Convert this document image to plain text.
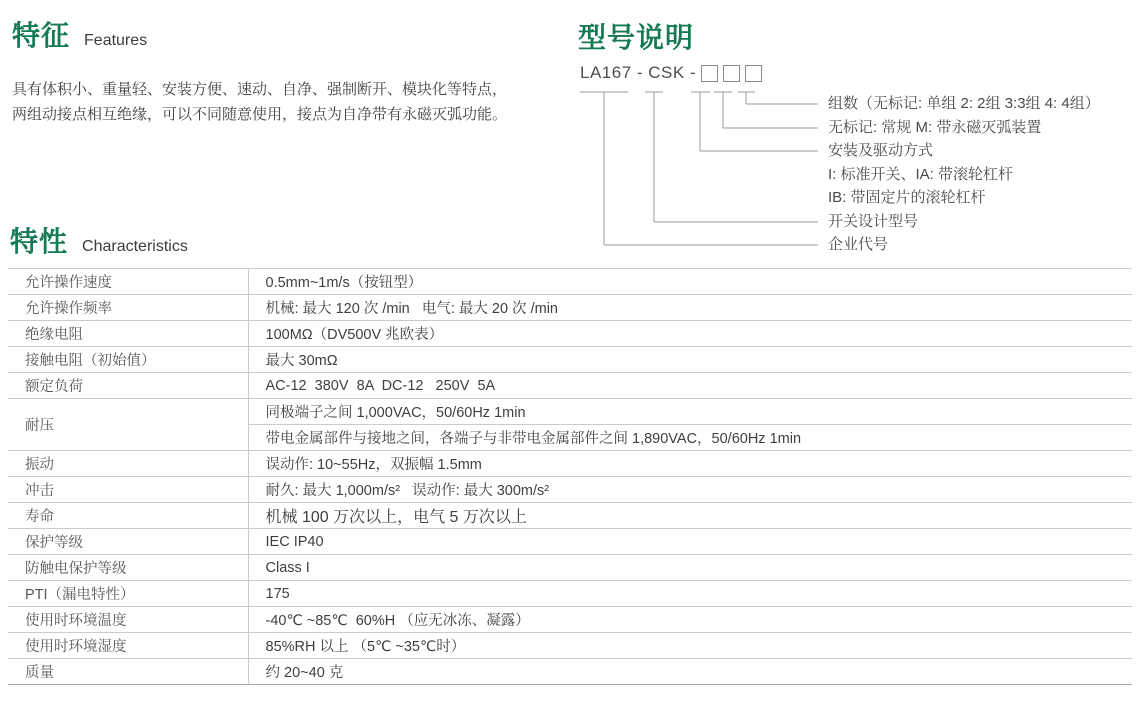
特征 Features
具有体积小、重量轻、安装方便、速动、自净、强制断开、模块化等特点，
两组动接点相互绝缘，可以不同随意使用，接点为自净带有永磁灭弧功能。
型号说明
LA167 - CSK -
组数（无标记: 单组 2: 2组 3:3组 4: 4组）
无标记: 常规 M: 带永磁灭弧装置
安装及驱动方式
I: 标准开关、IA: 带滚轮杠杆
IB: 带固定片的滚轮杠杆
开关设计型号
企业代号
特性 Characteristics
允许操作速度	0.5mm~1m/s（按钮型）
允许操作频率	机械: 最大 120 次 /min   电气: 最大 20 次 /min
绝缘电阻	100MΩ（DV500V 兆欧表）
接触电阻（初始值）	最大 30mΩ
额定负荷	AC-12  380V  8A  DC-12   250V  5A
耐压	同极端子之间 1,000VAC，50/60Hz 1min
	带电金属部件与接地之间，各端子与非带电金属部件之间 1,890VAC，50/60Hz 1min
振动	误动作: 10~55Hz，双振幅 1.5mm
冲击	耐久: 最大 1,000m/s²   误动作: 最大 300m/s²
寿命	机械 100 万次以上，电气 5 万次以上
保护等级	IEC IP40
防触电保护等级	Class I
PTI（漏电特性）	175
使用时环境温度	-40℃ ~85℃  60%H （应无冰冻、凝露）
使用时环境湿度	85%RH 以上 （5℃ ~35℃时）
质量	约 20~40 克
